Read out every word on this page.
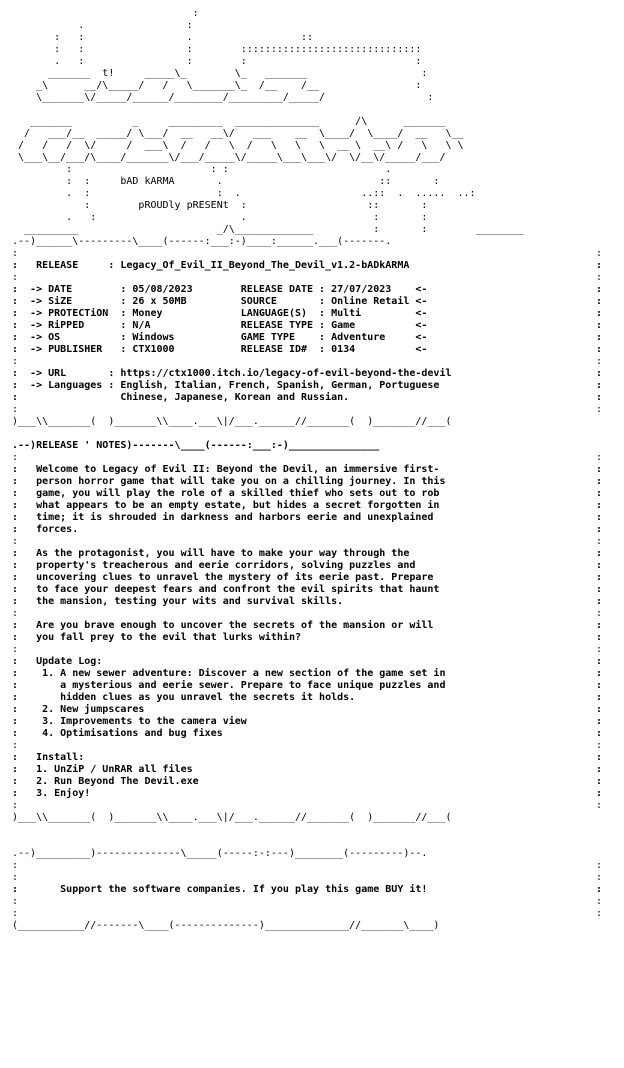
:
.                 :
:   :                 .                  ::
:   :                 :        ::::::::::::::::::::::::::::::
.   :                 :        :                            :
_______  t!     _____\_        \_   _______                   :
_\      __/\_____/   /   \_______\_  /__    /__                :
\_______\/_____/______/________/_________/_____/                 :
_______          _     _________  ______________      /\      _______
/   ___/__  _____/ \___/  __   __\/   ___    __  \____/  \____/  __   \__
/   /   /  \/     /  ___\  /   /   \  /   \   \   \  __ \  __\ /   \   \ \
\___\__/___/\____/_______\/___/_____\/_____\___\___\/  \/__\/_____/___/
:                       : :                          .
:  :     bAD kARMA       .                          ::       :
.  :                     :  .                    ..::  .  .....  ..:
:        pROUDly pRESENt  :                    ::       :
.   :                        .                     :       :
_________                       _/\_____________          :       :        ________
.--)______\---------\____(------:___:-)____:______.___(-------.
:                                                                                                :
:   RELEASE     : Legacy_Of_Evil_II_Beyond_The_Devil_v1.2-bADkARMA                               :
:                                                                                                :
:  -> DATE        : 05/08/2023        RELEASE DATE : 27/07/2023    <-                            :
:  -> SiZE        : 26 x 50MB         SOURCE       : Online Retail <-                            :
:  -> PROTECTiON  : Money             LANGUAGE(S)  : Multi         <-                            :
:  -> RiPPED      : N/A               RELEASE TYPE : Game          <-                            :
:  -> OS          : Windows           GAME TYPE    : Adventure     <-                            :
:  -> PUBLISHER   : CTX1000           RELEASE ID#  : 0134          <-                            :
:                                                                                                :
:  -> URL       : https://ctx1000.itch.io/legacy-of-evil-beyond-the-devil                        :
:  -> Languages : English, Italian, French, Spanish, German, Portuguese                          :
:                 Chinese, Japanese, Korean and Russian.                                         :
:                                                                                                :
)___\\_______(  )_______\\____.___\|/___.______//_______(  )_______//___(
.--)RELEASE ' NOTES)-------\____(------:___:-)_______________
:                                                                                                :
:   Welcome to Legacy of Evil II: Beyond the Devil, an immersive first-                          :
:   person horror game that will take you on a chilling journey. In this                         :
:   game, you will play the role of a skilled thief who sets out to rob                          :
:   what appears to be an empty estate, but hides a secret forgotten in                          :
:   time; it is shrouded in darkness and harbors eerie and unexplained                           :
:   forces.                                                                                      :
:                                                                                                :
:   As the protagonist, you will have to make your way through the                               :
:   property's treacherous and eerie corridors, solving puzzles and                              :
:   uncovering clues to unravel the mystery of its eerie past. Prepare                           :
:   to face your deepest fears and confront the evil spirits that haunt                          :
:   the mansion, testing your wits and survival skills.                                          :
:                                                                                                :
:   Are you brave enough to uncover the secrets of the mansion or will                           :
:   you fall prey to the evil that lurks within?                                                 :
:                                                                                                :
:   Update Log:                                                                                  :
:    1. A new sewer adventure: Discover a new section of the game set in                         :
:       a mysterious and eerie sewer. Prepare to face unique puzzles and                         :
:       hidden clues as you unravel the secrets it holds.                                        :
:    2. New jumpscares                                                                           :
:    3. Improvements to the camera view                                                          :
:    4. Optimisations and bug fixes                                                              :
:                                                                                                :
:   Install:                                                                                     :
:   1. UnZiP / UnRAR all files                                                                   :
:   2. Run Beyond The Devil.exe                                                                  :
:   3. Enjoy!                                                                                    :
:                                                                                                :
)___\\_______(  )_______\\____.___\|/___.______//_______(  )_______//___(
.--)_________)--------------\_____(-----:-:---)________(---------)--.
:                                                                                                :
:                                                                                                :
:       Support the software companies. If you play this game BUY it!                            :
:                                                                                                :
:                                                                                                :
(___________//-------\____(--------------)______________//_______\____)
